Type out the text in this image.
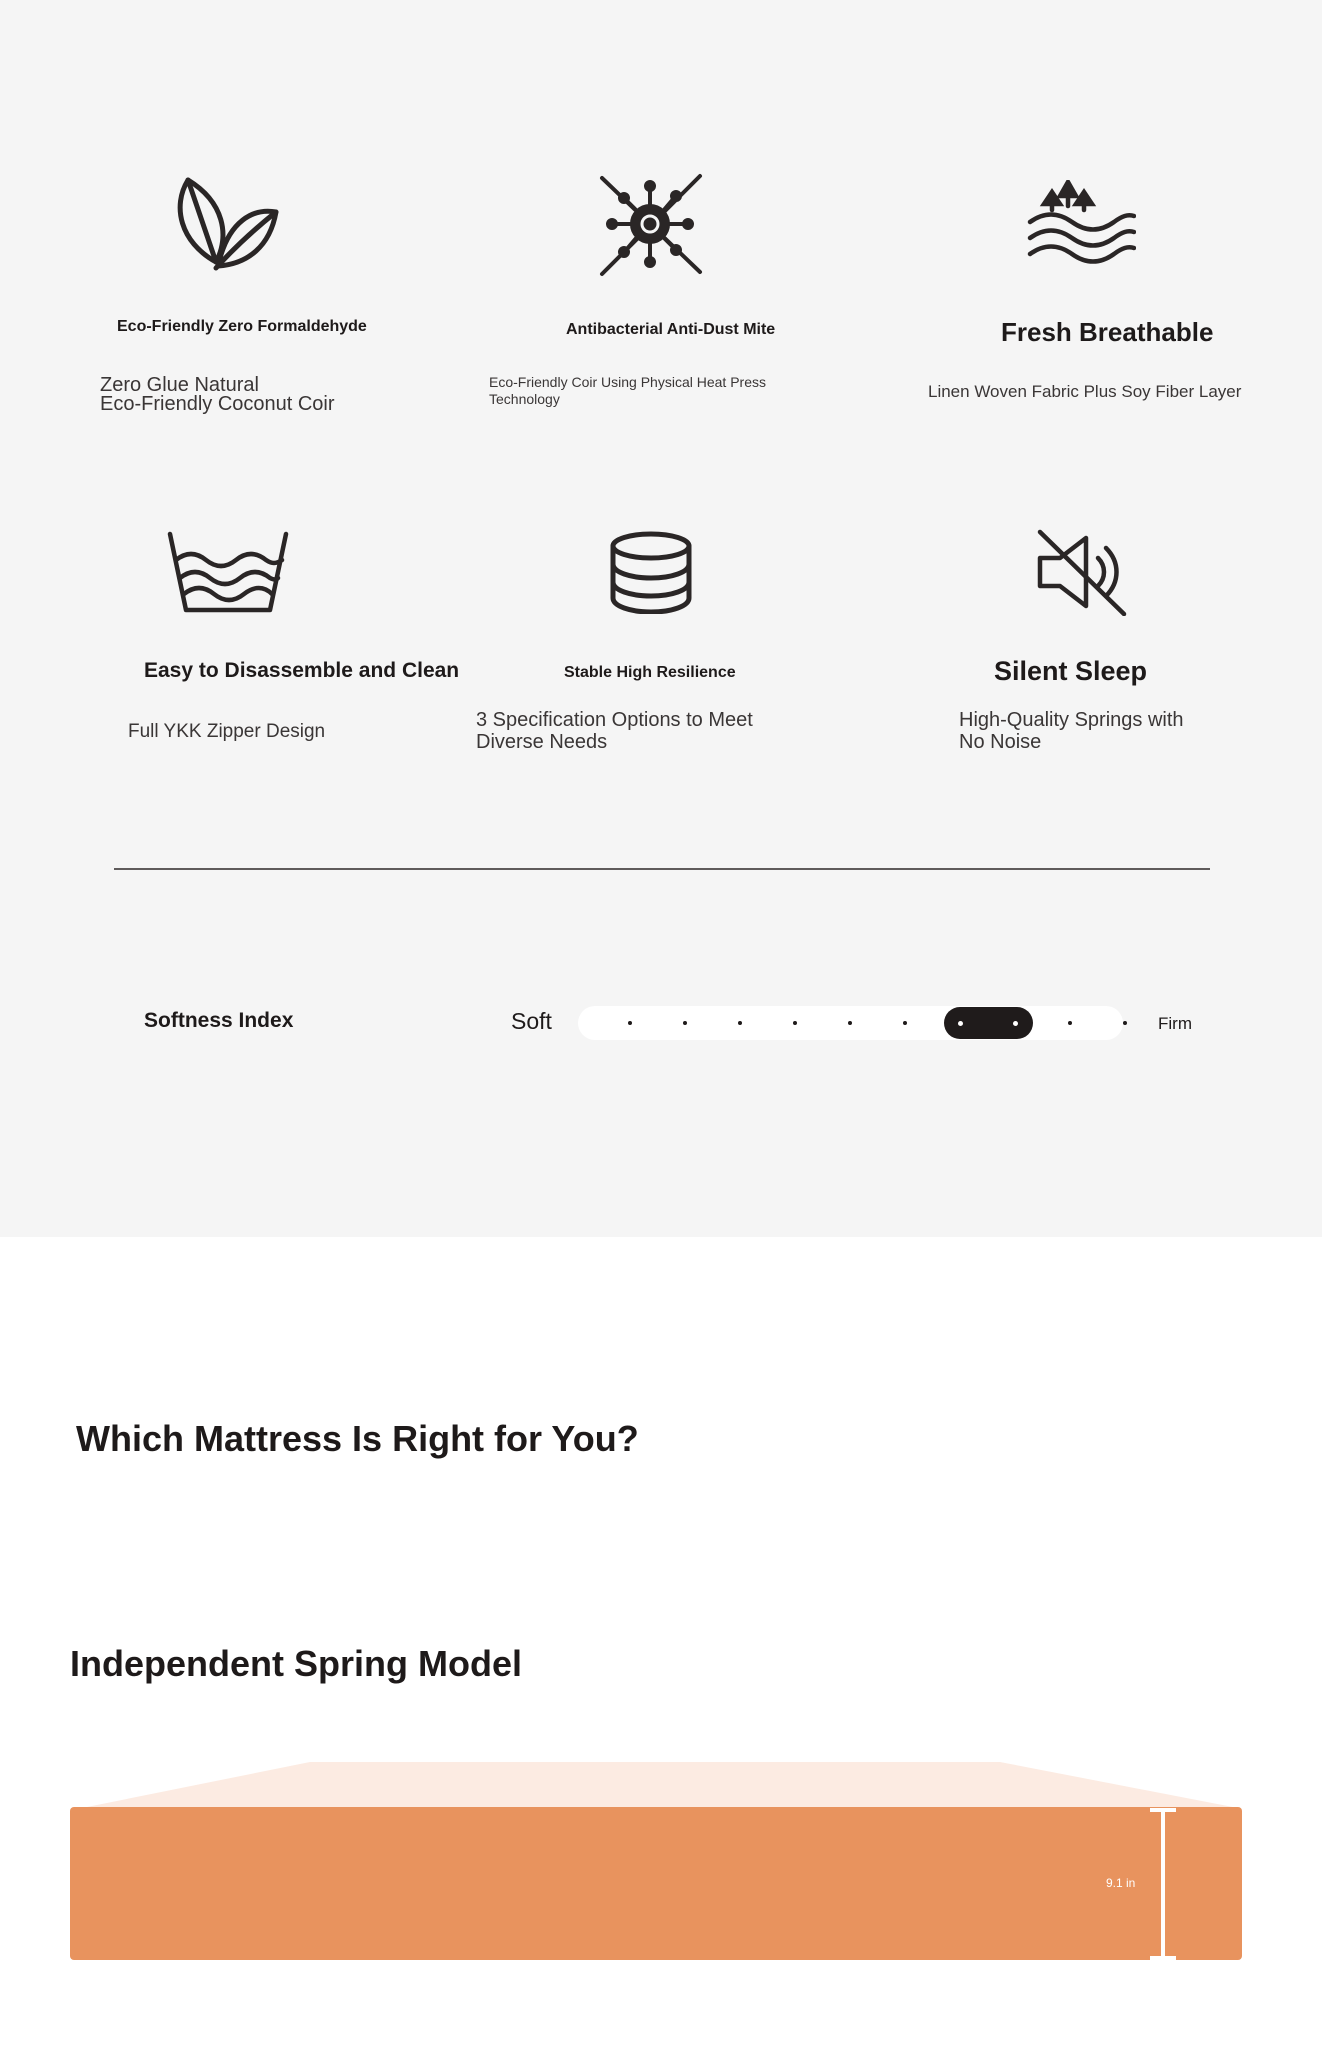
Eco-Friendly Zero Formaldehyde
Zero Glue Natural
Eco-Friendly Coconut Coir
Antibacterial Anti-Dust Mite
Eco-Friendly Coir Using Physical Heat Press
Technology
Fresh Breathable
Linen Woven Fabric Plus Soy Fiber Layer
Easy to Disassemble and Clean
Full YKK Zipper Design
Stable High Resilience
3 Specification Options to Meet
Diverse Needs
Silent Sleep
High-Quality Springs with
No Noise
Softness Index	Soft	Firm
Which Mattress Is Right for You?
Independent Spring Model
9.1 in
